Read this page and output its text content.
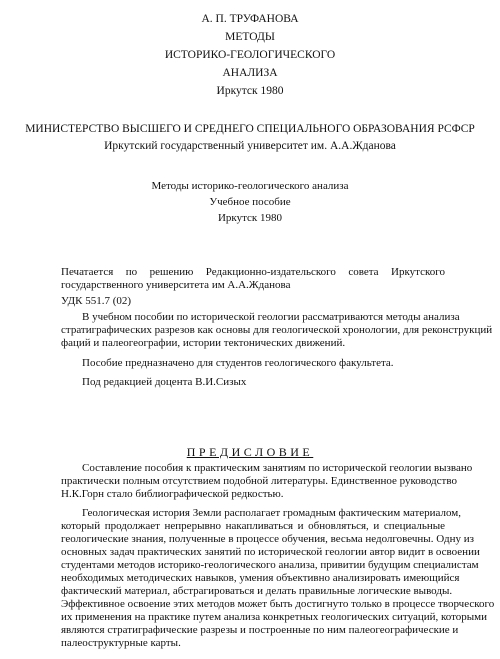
А. П. ТРУФАНОВА
МЕТОДЫ
ИСТОРИКО-ГЕОЛОГИЧЕСКОГО
АНАЛИЗА
Иркутск 1980
МИНИСТЕРСТВО ВЫСШЕГО И СРЕДНЕГО СПЕЦИАЛЬНОГО ОБРАЗОВАНИЯ РСФСР
Иркутский государственный университет им. А.А.Жданова
Методы историко-геологического анализа
Учебное пособие
Иркутск 1980
Печатается по решению Редакционно-издательского совета Иркутского
государственного университета им А.А.Жданова
УДК 551.7 (02)
В учебном пособии по исторической геологии рассматриваются методы анализа
стратиграфических разрезов как основы для геологической хронологии, для реконструкций
фаций и палеогеографии, истории тектонических движений.
Пособие предназначено для студентов геологического факультета.
Под редакцией доцента В.И.Сизых
ПРЕДИСЛОВИЕ
Составление пособия к практическим занятиям по исторической геологии вызвано
практически полным отсутствием подобной литературы. Единственное руководство
Н.К.Горн стало библиографической редкостью.
Геологическая история Земли располагает громадным фактическим материалом,
который продолжает непрерывно накапливаться и обновляться, и специальные
геологические знания, полученные в процессе обучения, весьма недолговечны. Одну из
основных задач практических занятий по исторической геологии автор видит в освоении
студентами методов историко-геологического анализа, привитии будущим специалистам
необходимых методических навыков, умения объективно анализировать имеющийся
фактический материал, абстрагироваться и делать правильные логические выводы.
Эффективное освоение этих методов может быть достигнуто только в процессе творческого
их применения на практике путем анализа конкретных геологических ситуаций, которыми
являются стратиграфические разрезы и построенные по ним палеогеографические и
палеоструктурные карты.
